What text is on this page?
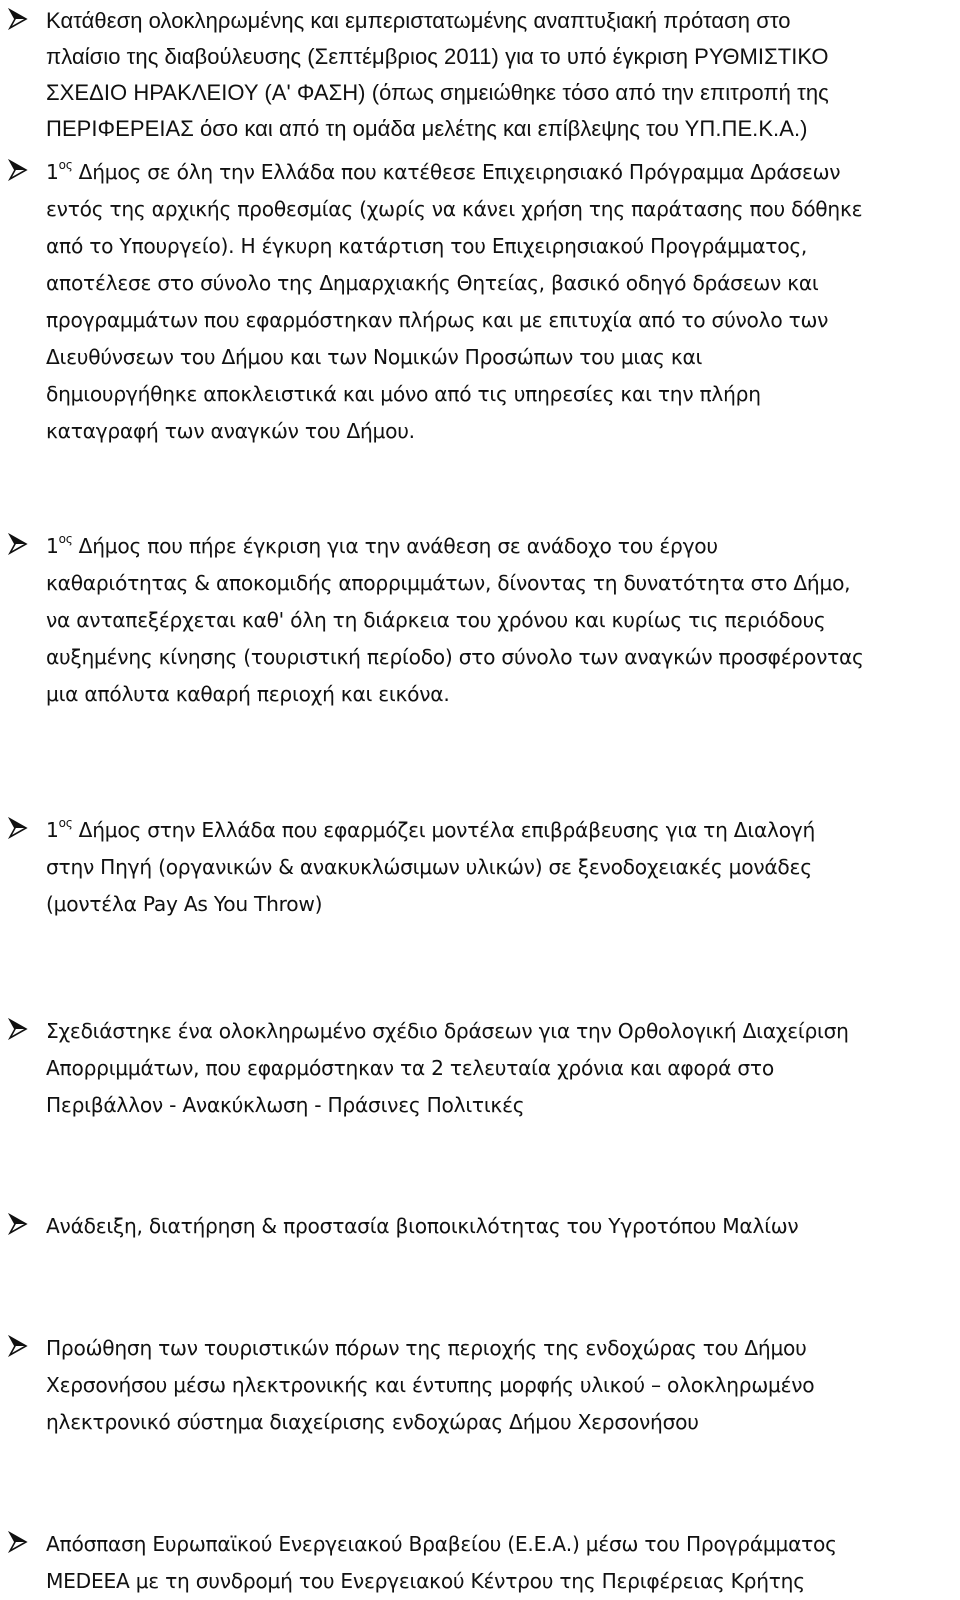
Κατάθεση ολοκληρωμένης και εμπεριστατωμένης αναπτυξιακή πρόταση στο
πλαίσιο της διαβούλευσης (Σεπτέμβριος 2011) για το υπό έγκριση ΡΥΘΜΙΣΤΙΚΟ
ΣΧΕΔΙΟ ΗΡΑΚΛΕΙΟΥ (Α' ΦΑΣΗ) (όπως σημειώθηκε τόσο από την επιτροπή της
ΠΕΡΙΦΕΡΕΙΑΣ όσο και από τη ομάδα μελέτης και επίβλεψης του ΥΠ.ΠΕ.Κ.Α.)

$1^{o\varsigma}$ Δήμος σε όλη την Ελλάδα που κατέθεσε Επιχειρησιακό Πρόγραμμα Δράσεων
εντός της αρχικής προθεσμίας (χωρίς να κάνει χρήση της παράτασης που δόθηκε
από το Υπουργείο). Η έγκυρη κατάρτιση του Επιχειρησιακού Προγράμματος,
αποτέλεσε στο σύνολο της Δημαρχιακής Θητείας, βασικό οδηγό δράσεων και
προγραμμάτων που εφαρμόστηκαν πλήρως και με επιτυχία από το σύνολο των
Διευθύνσεων του Δήμου και των Νομικών Προσώπων του μιας και
δημιουργήθηκε αποκλειστικά και μόνο από τις υπηρεσίες και την πλήρη
καταγραφή των αναγκών του Δήμου.

$1^{o\varsigma}$ Δήμος που πήρε έγκριση για την ανάθεση σε ανάδοχο του έργου
καθαριότητας & αποκομιδής απορριμμάτων, δίνοντας τη δυνατότητα στο Δήμο,
να ανταπεξέρχεται καθ' όλη τη διάρκεια του χρόνου και κυρίως τις περιόδους
αυξημένης κίνησης (τουριστική περίοδο) στο σύνολο των αναγκών προσφέροντας
μια απόλυτα καθαρή περιοχή και εικόνα.

$1^{o\varsigma}$ Δήμος στην Ελλάδα που εφαρμόζει μοντέλα επιβράβευσης για τη Διαλογή
στην Πηγή (οργανικών & ανακυκλώσιμων υλικών) σε ξενοδοχειακές μονάδες
(μοντέλα Pay As You Throw)

Σχεδιάστηκε ένα ολοκληρωμένο σχέδιο δράσεων για την Ορθολογική Διαχείριση
Απορριμμάτων, που εφαρμόστηκαν τα 2 τελευταία χρόνια και αφορά στο
Περιβάλλον - Ανακύκλωση - Πράσινες Πολιτικές

Ανάδειξη, διατήρηση & προστασία βιοποικιλότητας του Υγροτόπου Μαλίων

Προώθηση των τουριστικών πόρων της περιοχής της ενδοχώρας του Δήμου
Χερσονήσου μέσω ηλεκτρονικής και έντυπης μορφής υλικού – ολοκληρωμένο
ηλεκτρονικό σύστημα διαχείρισης ενδοχώρας Δήμου Χερσονήσου

Απόσπαση Ευρωπαϊκού Ενεργειακού Βραβείου (Ε.Ε.Α.) μέσω του Προγράμματος
MEDEEA με τη συνδρομή του Ενεργειακού Κέντρου της Περιφέρειας Κρήτης
